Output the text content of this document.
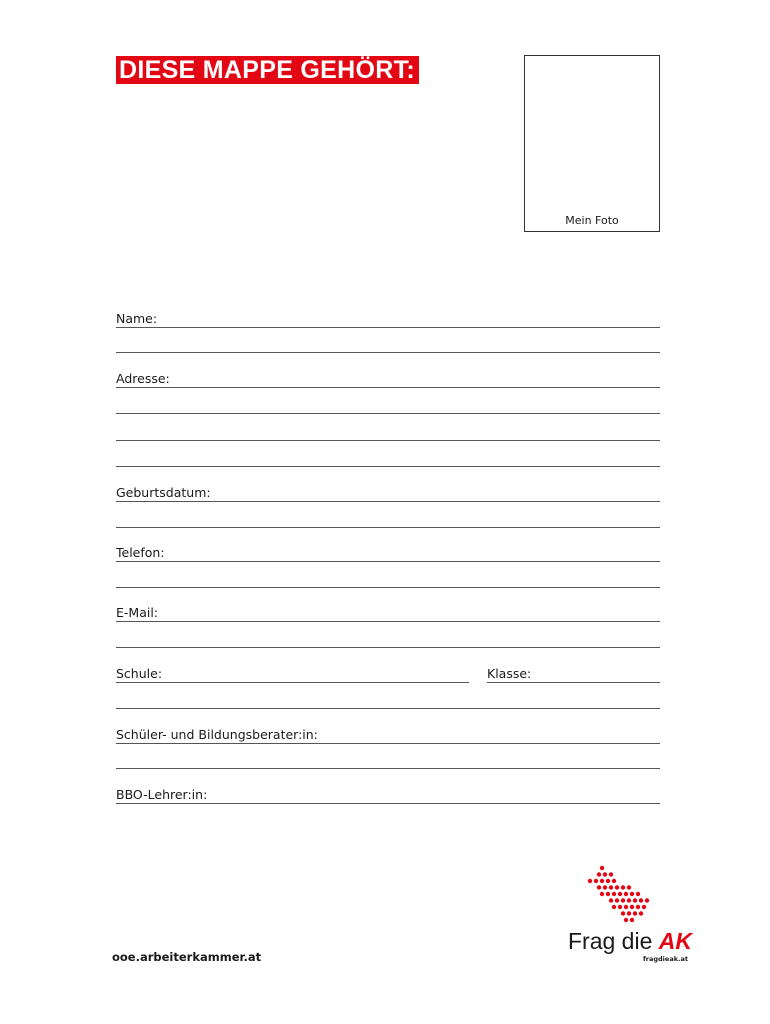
DIESE MAPPE GEHÖRT:
Mein Foto
Name:
Adresse:
Geburtsdatum:
Telefon:
E-Mail:
Schule:	Klasse:
Schüler- und Bildungsberater:in:
BBO-Lehrer:in:
ooe.arbeiterkammer.at
Frag die AK
fragdieak.at
